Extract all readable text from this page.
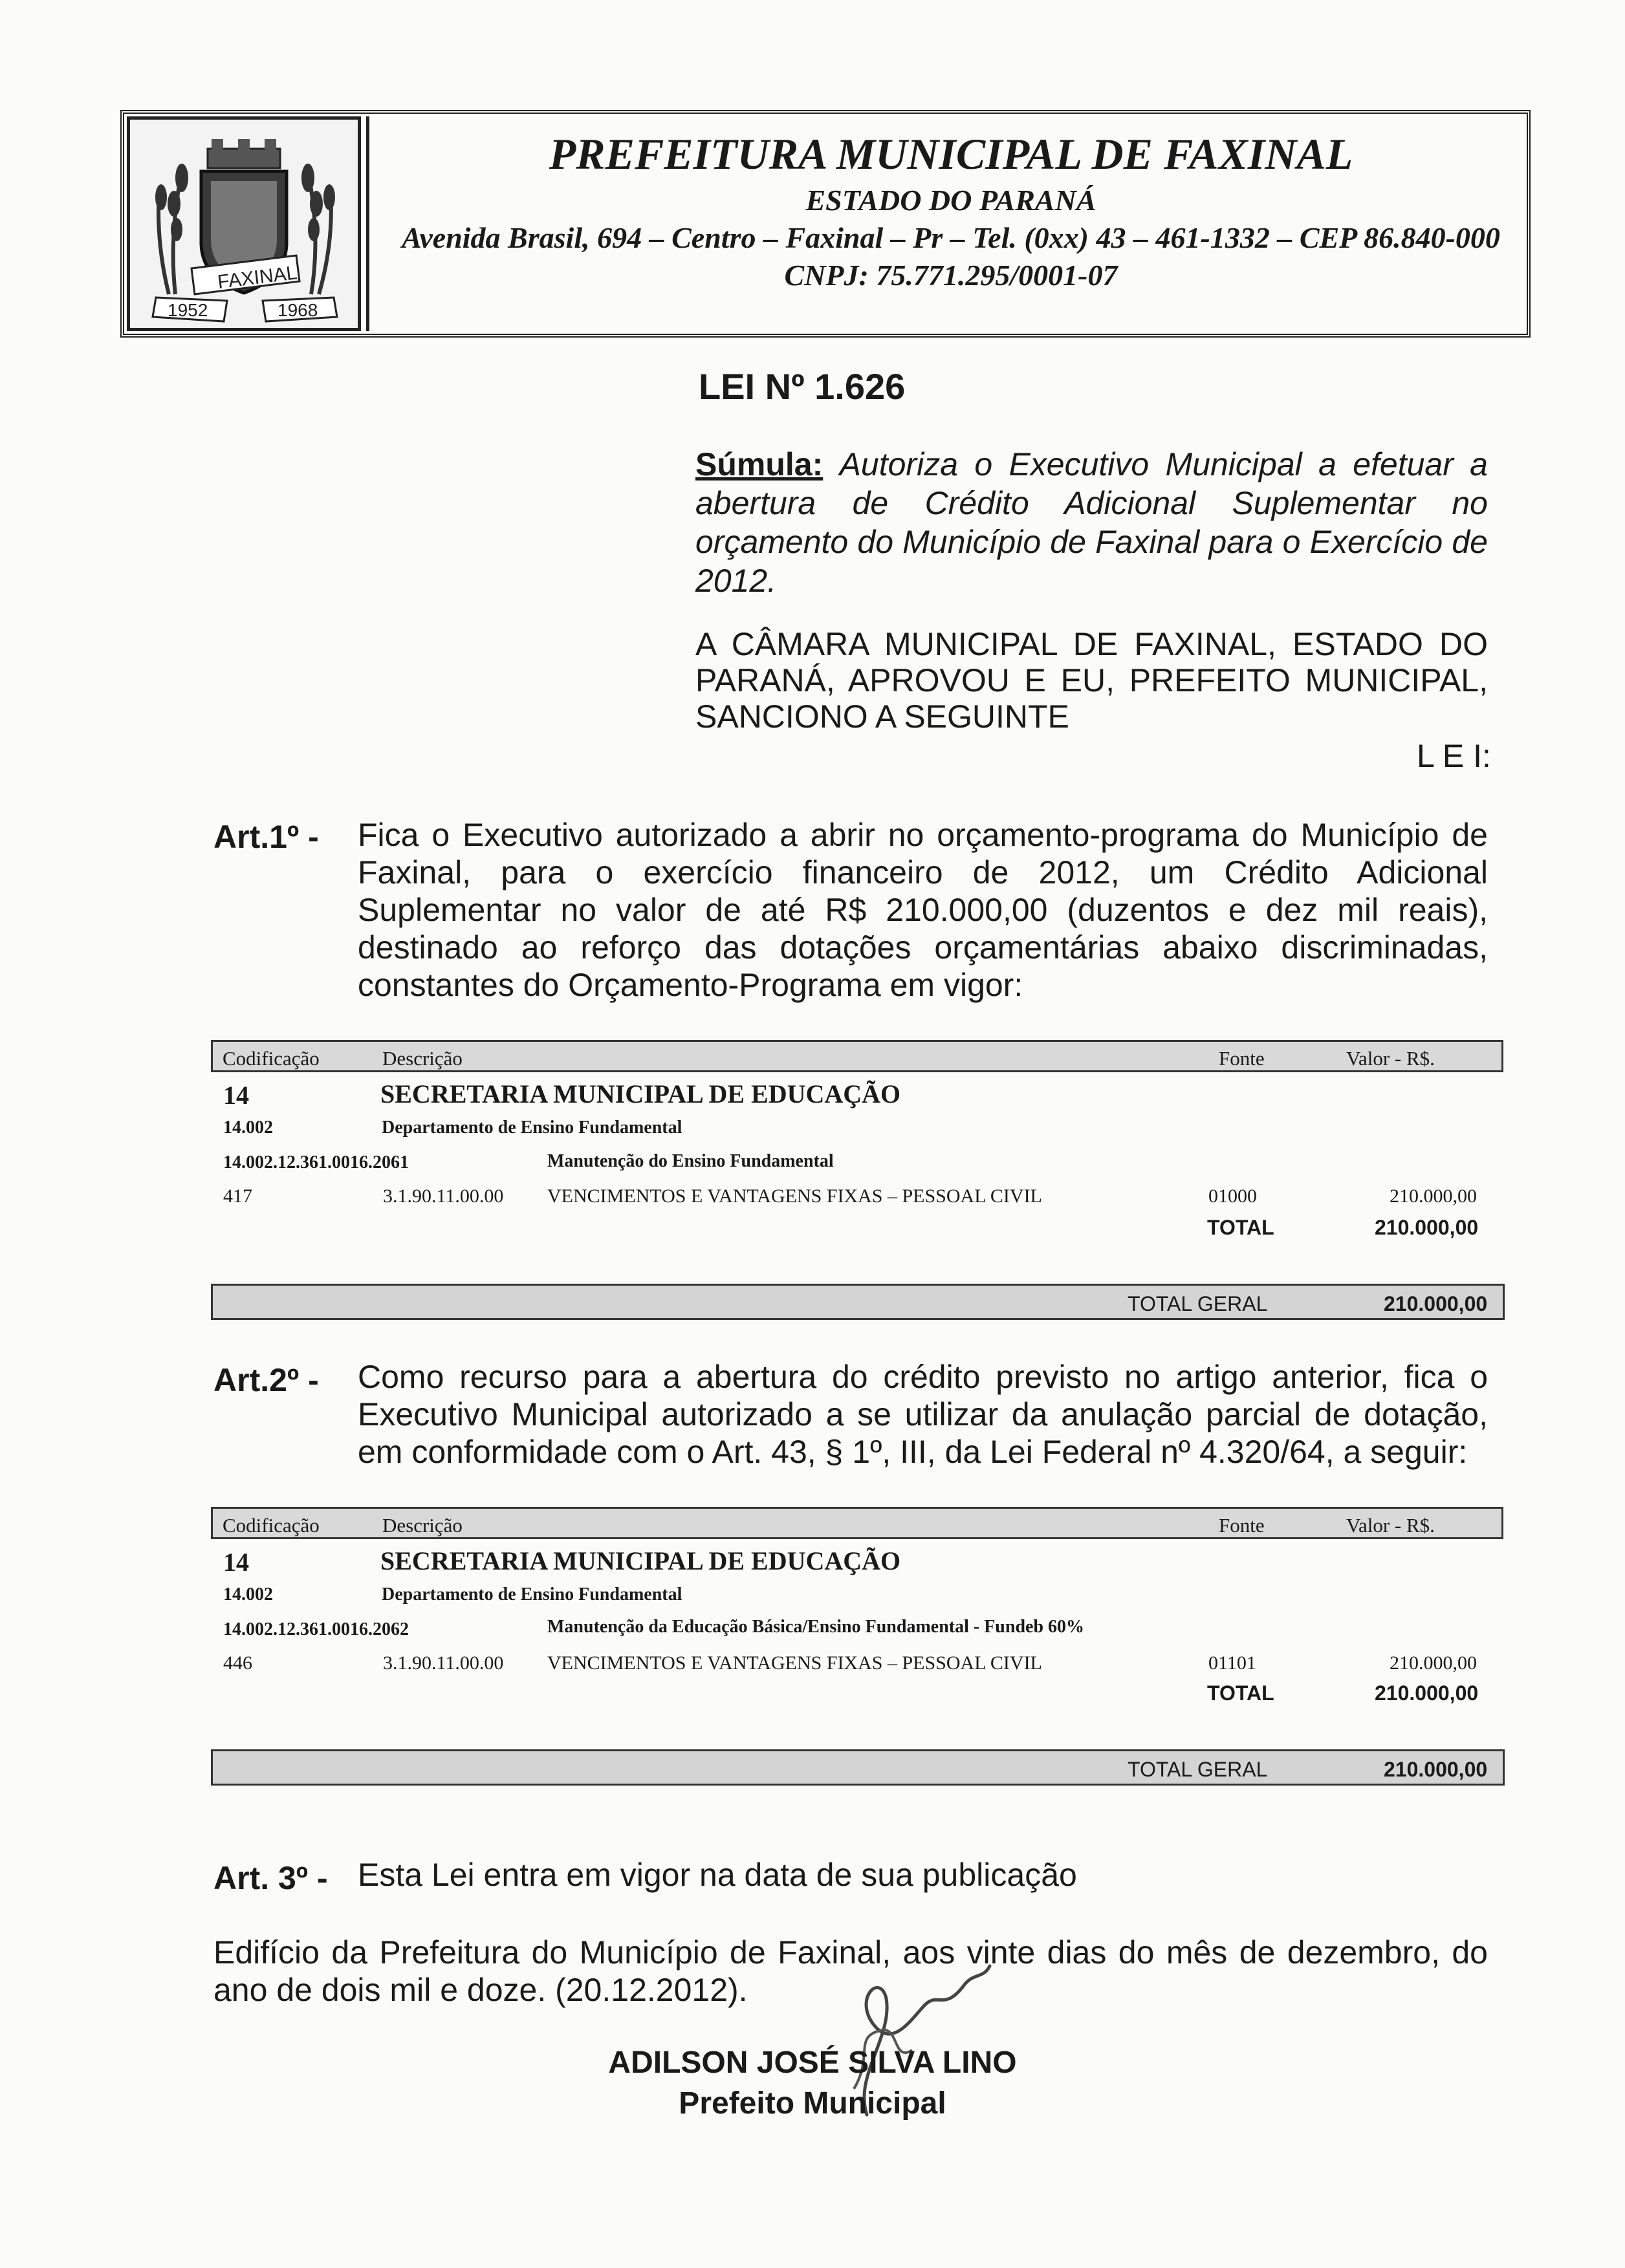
FAXINAL
1952	1968
PREFEITURA MUNICIPAL DE FAXINAL
ESTADO DO PARANÁ
Avenida Brasil, 694 – Centro – Faxinal – Pr – Tel. (0xx) 43 – 461-1332 – CEP 86.840-000
CNPJ: 75.771.295/0001-07
LEI Nº 1.626
Súmula: Autoriza o Executivo Municipal a efetuar a abertura de Crédito Adicional Suplementar no orçamento do Município de Faxinal para o Exercício de 2012.
A CÂMARA MUNICIPAL DE FAXINAL, ESTADO DO PARANÁ, APROVOU E EU, PREFEITO MUNICIPAL, SANCIONO A SEGUINTE
L E I:
Art.1º - Fica o Executivo autorizado a abrir no orçamento-programa do Município de Faxinal, para o exercício financeiro de 2012, um Crédito Adicional Suplementar no valor de até R$ 210.000,00 (duzentos e dez mil reais), destinado ao reforço das dotações orçamentárias abaixo discriminadas, constantes do Orçamento-Programa em vigor:
Codificação	Descrição	Fonte	Valor - R$.
14	SECRETARIA MUNICIPAL DE EDUCAÇÃO
14.002	Departamento de Ensino Fundamental
14.002.12.361.0016.2061	Manutenção do Ensino Fundamental
417	3.1.90.11.00.00 VENCIMENTOS E VANTAGENS FIXAS – PESSOAL CIVIL	01000	210.000,00
TOTAL	210.000,00
TOTAL GERAL	210.000,00
Art.2º - Como recurso para a abertura do crédito previsto no artigo anterior, fica o Executivo Municipal autorizado a se utilizar da anulação parcial de dotação, em conformidade com o Art. 43, § 1º, III, da Lei Federal nº 4.320/64, a seguir:
Codificação	Descrição	Fonte	Valor - R$.
14	SECRETARIA MUNICIPAL DE EDUCAÇÃO
14.002	Departamento de Ensino Fundamental
14.002.12.361.0016.2062	Manutenção da Educação Básica/Ensino Fundamental - Fundeb 60%
446	3.1.90.11.00.00 VENCIMENTOS E VANTAGENS FIXAS – PESSOAL CIVIL	01101	210.000,00
TOTAL	210.000,00
TOTAL GERAL	210.000,00
Art. 3º - Esta Lei entra em vigor na data de sua publicação
Edifício da Prefeitura do Município de Faxinal, aos vinte dias do mês de dezembro, do ano de dois mil e doze. (20.12.2012).
ADILSON JOSÉ SILVA LINO
Prefeito Municipal
